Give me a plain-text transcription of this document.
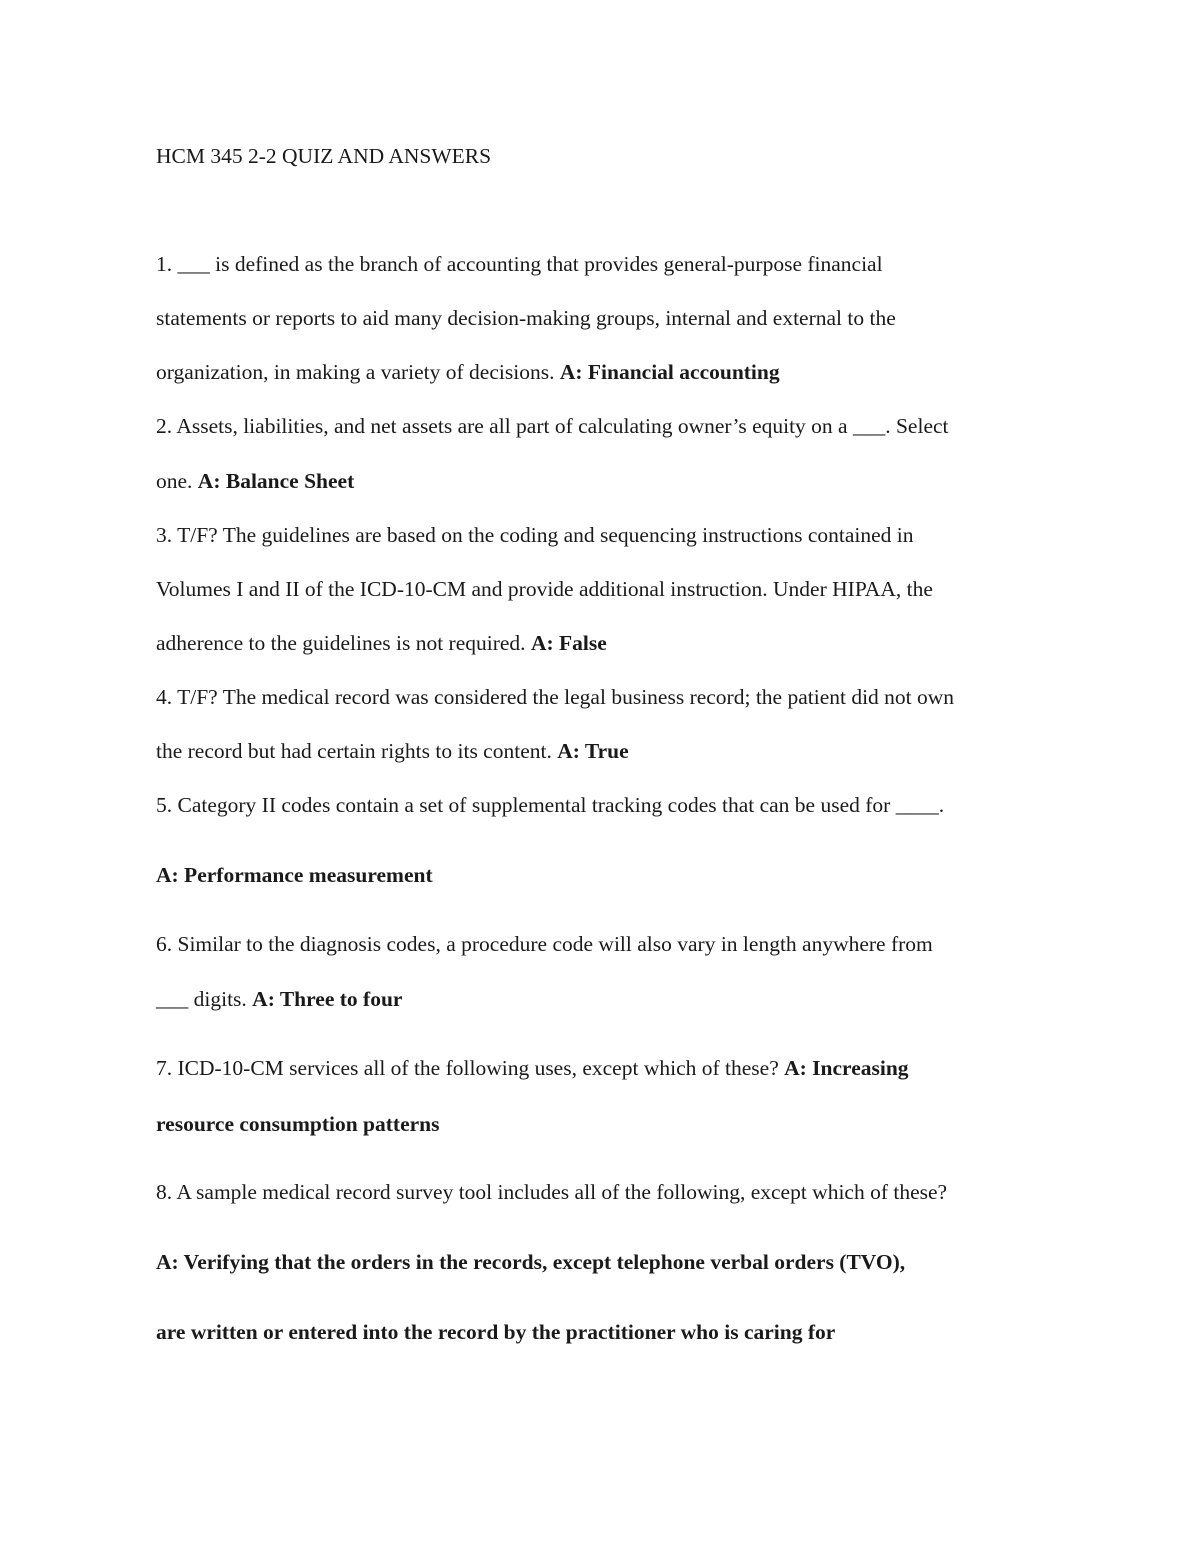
HCM 345 2-2 QUIZ AND ANSWERS
1. ___ is defined as the branch of accounting that provides general-purpose financial
statements or reports to aid many decision-making groups, internal and external to the
organization, in making a variety of decisions. A: Financial accounting
2. Assets, liabilities, and net assets are all part of calculating owner’s equity on a ___. Select
one. A: Balance Sheet
3. T/F? The guidelines are based on the coding and sequencing instructions contained in
Volumes I and II of the ICD-10-CM and provide additional instruction. Under HIPAA, the
adherence to the guidelines is not required. A: False
4. T/F? The medical record was considered the legal business record; the patient did not own
the record but had certain rights to its content. A: True
5. Category II codes contain a set of supplemental tracking codes that can be used for ____.
A: Performance measurement
6. Similar to the diagnosis codes, a procedure code will also vary in length anywhere from
___ digits. A: Three to four
7. ICD-10-CM services all of the following uses, except which of these? A: Increasing
resource consumption patterns
8. A sample medical record survey tool includes all of the following, except which of these?
A: Verifying that the orders in the records, except telephone verbal orders (TVO),
are written or entered into the record by the practitioner who is caring for
